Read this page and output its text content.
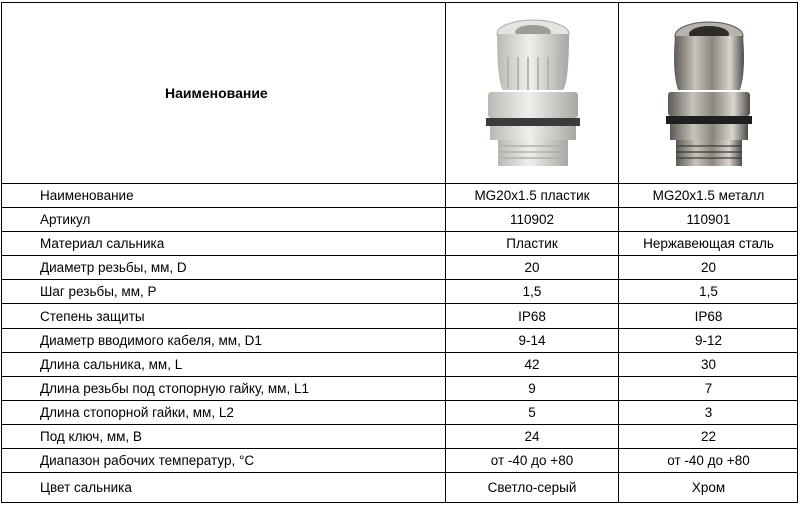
Наименование
Наименование	MG20x1.5 пластик	MG20x1.5 металл
Артикул	110902	110901
Материал сальника	Пластик	Нержавеющая сталь
Диаметр резьбы, мм, D	20	20
Шаг резьбы, мм, P	1,5	1,5
Степень защиты	IP68	IP68
Диаметр вводимого кабеля, мм, D1	9-14	9-12
Длина сальника, мм, L	42	30
Длина резьбы под стопорную гайку, мм, L1	9	7
Длина стопорной гайки, мм, L2	5	3
Под ключ, мм, B	24	22
Диапазон рабочих температур, °С	от -40 до +80	от -40 до +80
Цвет сальника	Светло-серый	Хром
